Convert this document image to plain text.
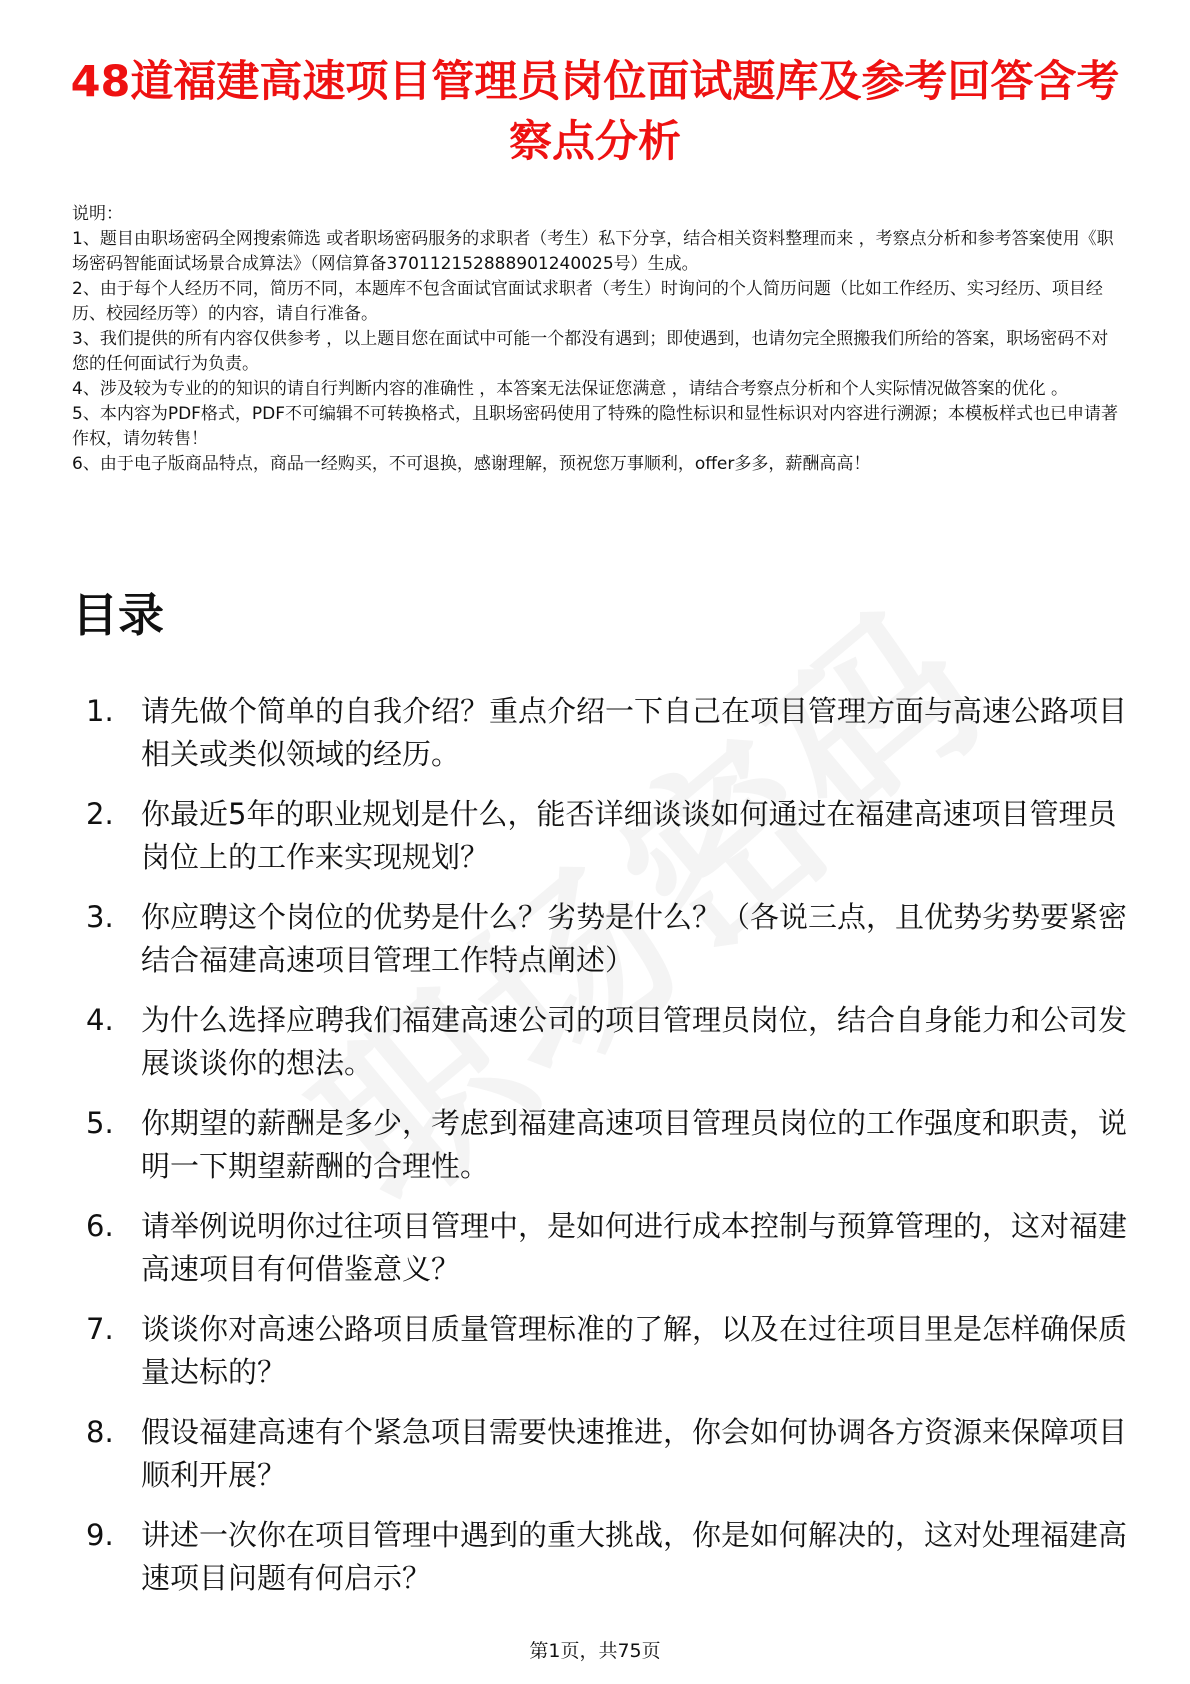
48道福建高速项目管理员岗位面试题库及参考回答含考察点分析

说明：

1、题目由职场密码全网搜索筛选 或者职场密码服务的求职者（考生）私下分享，结合相关资料整理而来 ，考察点分析和参考答案使用《职场密码智能面试场景合成算法》（网信算备370112152888901240025号）生成。

2、由于每个人经历不同，简历不同，本题库不包含面试官面试求职者（考生）时询问的个人简历问题（比如工作经历、实习经历、项目经历、校园经历等）的内容，请自行准备。

3、我们提供的所有内容仅供参考 ，以上题目您在面试中可能一个都没有遇到；即使遇到，也请勿完全照搬我们所给的答案，职场密码不对您的任何面试行为负责。

4、涉及较为专业的的知识的请自行判断内容的准确性 ，本答案无法保证您满意 ，请结合考察点分析和个人实际情况做答案的优化 。

5、本内容为PDF格式，PDF不可编辑不可转换格式，且职场密码使用了特殊的隐性标识和显性标识对内容进行溯源；本模板样式也已申请著作权，请勿转售！

6、由于电子版商品特点，商品一经购买，不可退换，感谢理解，预祝您万事顺利，offer多多，薪酬高高！

目录
1. 请先做个简单的自我介绍？重点介绍一下自己在项目管理方面与高速公路项目相关或类似领域的经历。
2. 你最近5年的职业规划是什么，能否详细谈谈如何通过在福建高速项目管理员岗位上的工作来实现规划？
3. 你应聘这个岗位的优势是什么？劣势是什么？（各说三点，且优势劣势要紧密结合福建高速项目管理工作特点阐述）
4. 为什么选择应聘我们福建高速公司的项目管理员岗位，结合自身能力和公司发展谈谈你的想法。
5. 你期望的薪酬是多少，考虑到福建高速项目管理员岗位的工作强度和职责，说明一下期望薪酬的合理性。
6. 请举例说明你过往项目管理中，是如何进行成本控制与预算管理的，这对福建高速项目有何借鉴意义？
7. 谈谈你对高速公路项目质量管理标准的了解，以及在过往项目里是怎样确保质量达标的？
8. 假设福建高速有个紧急项目需要快速推进，你会如何协调各方资源来保障项目顺利开展？
9. 讲述一次你在项目管理中遇到的重大挑战，你是如何解决的，这对处理福建高速项目问题有何启示？
第1页，共75页
